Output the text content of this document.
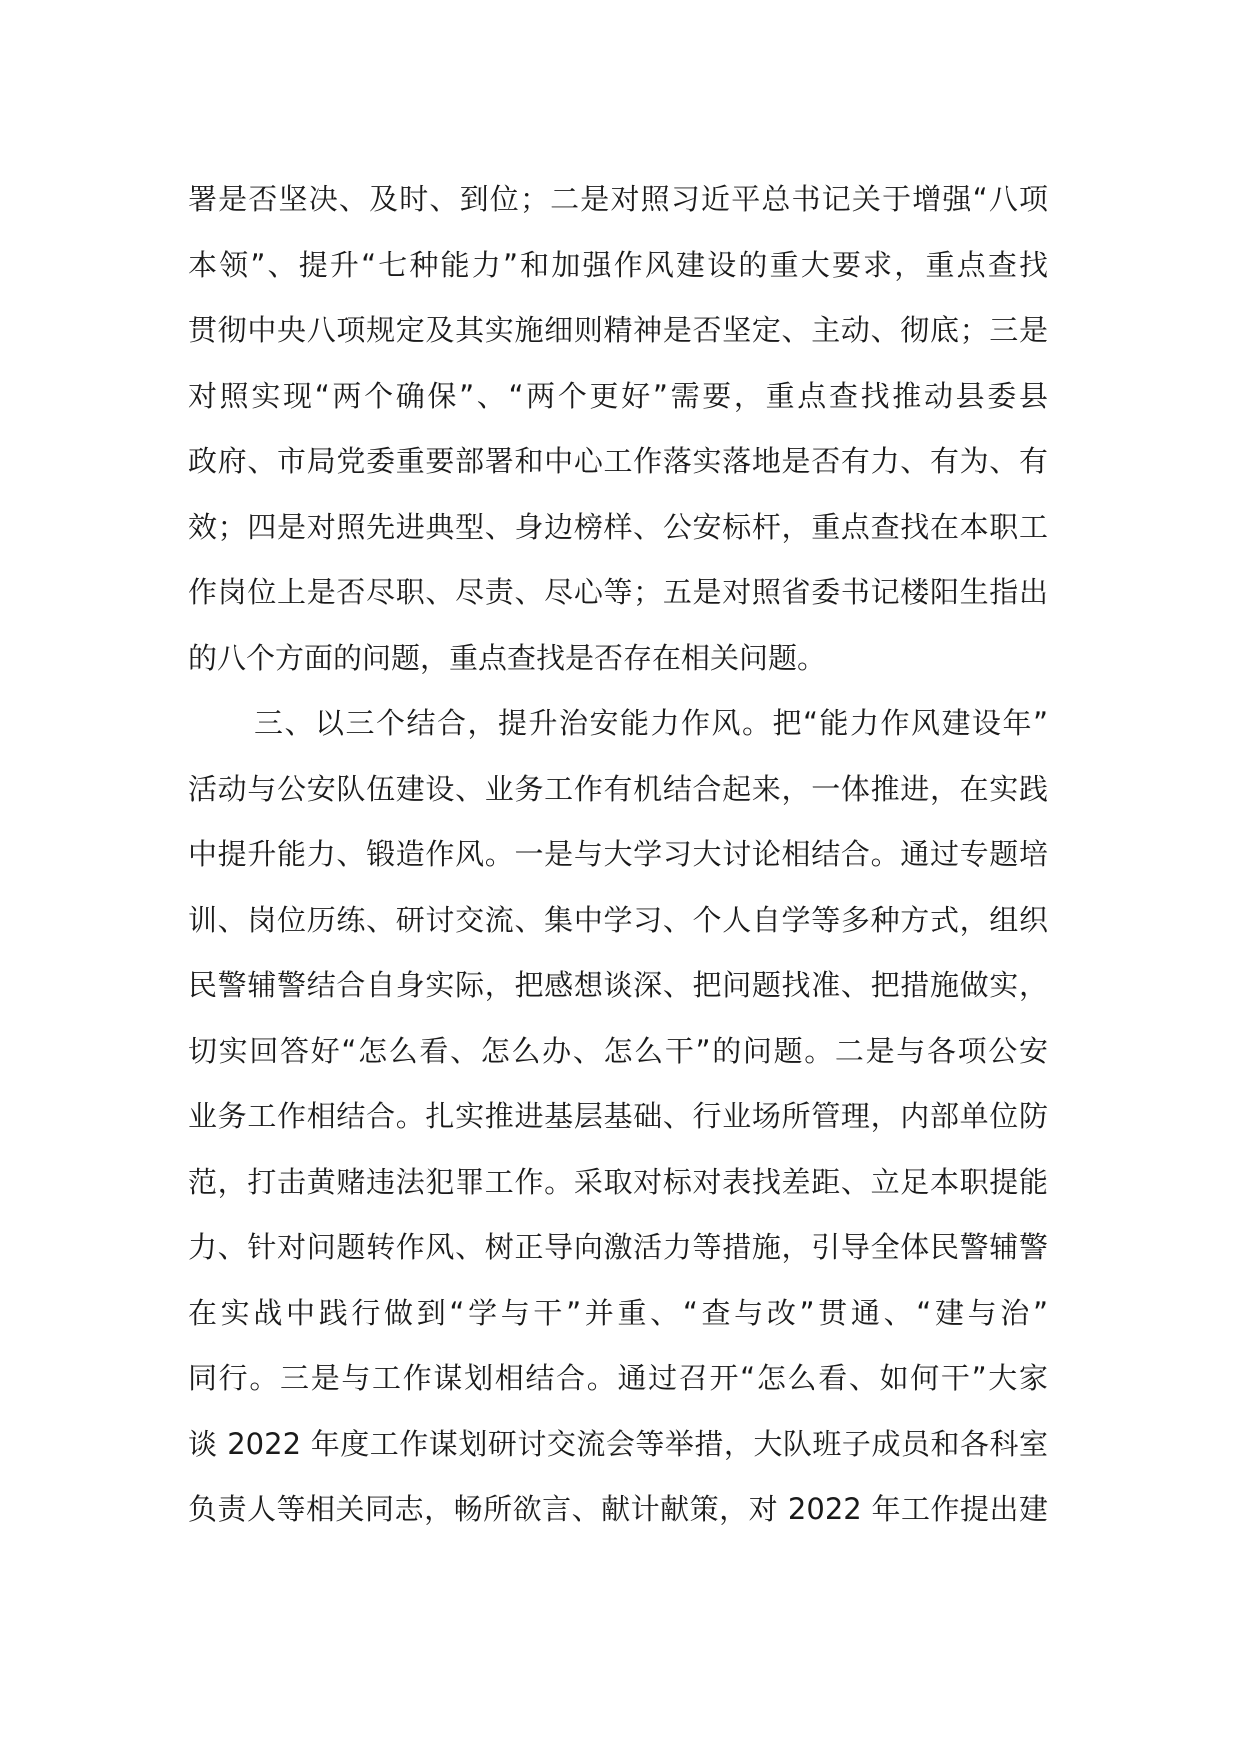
署是否坚决、及时、到位；二是对照习近平总书记关于增强“八项
本领”、提升“七种能力”和加强作风建设的重大要求，重点查找
贯彻中央八项规定及其实施细则精神是否坚定、主动、彻底；三是
对照实现“两个确保”、“两个更好”需要，重点查找推动县委县
政府、市局党委重要部署和中心工作落实落地是否有力、有为、有
效；四是对照先进典型、身边榜样、公安标杆，重点查找在本职工
作岗位上是否尽职、尽责、尽心等；五是对照省委书记楼阳生指出
的八个方面的问题，重点查找是否存在相关问题。
三、以三个结合，提升治安能力作风。把“能力作风建设年”
活动与公安队伍建设、业务工作有机结合起来，一体推进，在实践
中提升能力、锻造作风。一是与大学习大讨论相结合。通过专题培
训、岗位历练、研讨交流、集中学习、个人自学等多种方式，组织
民警辅警结合自身实际，把感想谈深、把问题找准、把措施做实，
切实回答好“怎么看、怎么办、怎么干”的问题。二是与各项公安
业务工作相结合。扎实推进基层基础、行业场所管理，内部单位防
范，打击黄赌违法犯罪工作。采取对标对表找差距、立足本职提能
力、针对问题转作风、树正导向激活力等措施，引导全体民警辅警
在实战中践行做到“学与干”并重、“查与改”贯通、“建与治”
同行。三是与工作谋划相结合。通过召开“怎么看、如何干”大家
谈 2022 年度工作谋划研讨交流会等举措，大队班子成员和各科室
负责人等相关同志，畅所欲言、献计献策，对 2022 年工作提出建
